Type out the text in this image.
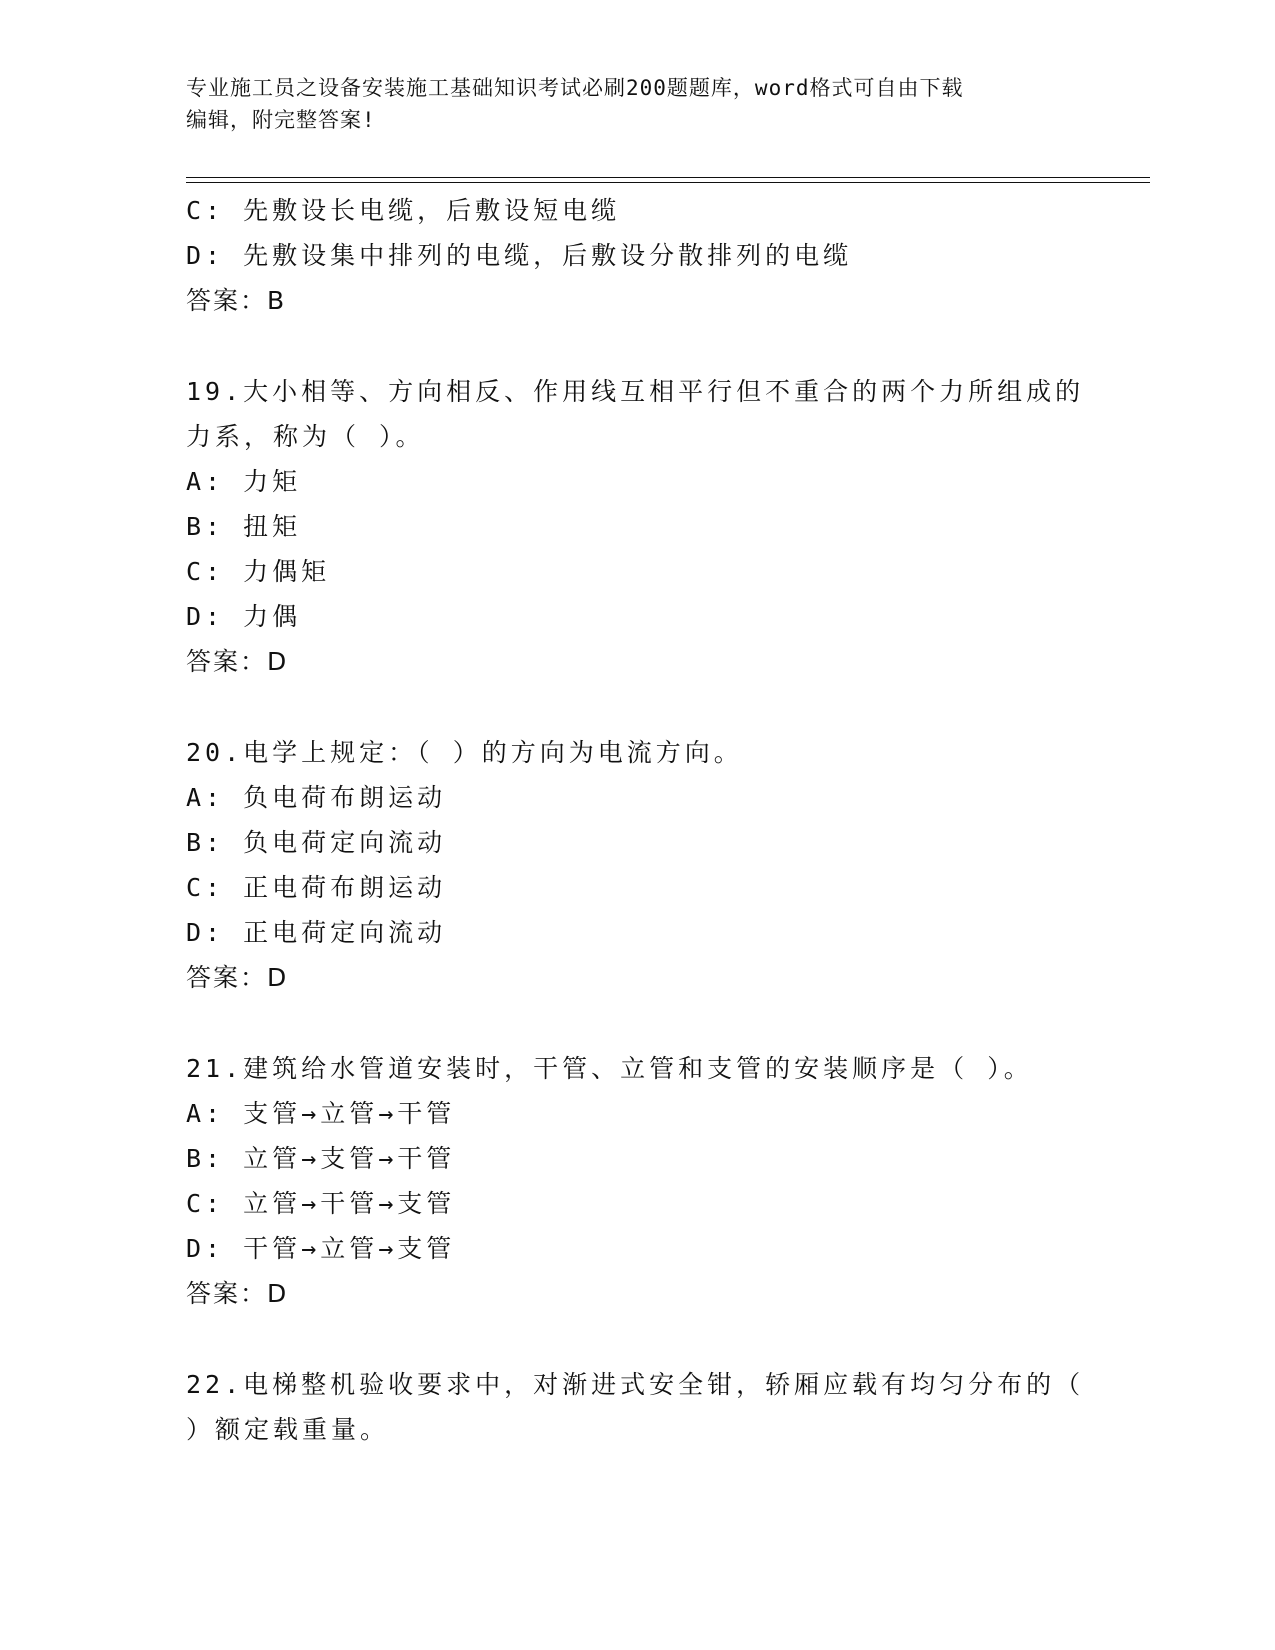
专业施工员之设备安装施工基础知识考试必刷200题题库，word格式可自由下载
编辑，附完整答案!
C: 先敷设长电缆，后敷设短电缆
D: 先敷设集中排列的电缆，后敷设分散排列的电缆
答案：B
19.大小相等、方向相反、作用线互相平行但不重合的两个力所组成的
力系，称为（ ）。
A: 力矩
B: 扭矩
C: 力偶矩
D: 力偶
答案：D
20.电学上规定：（ ）的方向为电流方向。
A: 负电荷布朗运动
B: 负电荷定向流动
C: 正电荷布朗运动
D: 正电荷定向流动
答案：D
21.建筑给水管道安装时，干管、立管和支管的安装顺序是（ ）。
A: 支管→立管→干管
B: 立管→支管→干管
C: 立管→干管→支管
D: 干管→立管→支管
答案：D
22.电梯整机验收要求中，对渐进式安全钳，轿厢应载有均匀分布的（
）额定载重量。
